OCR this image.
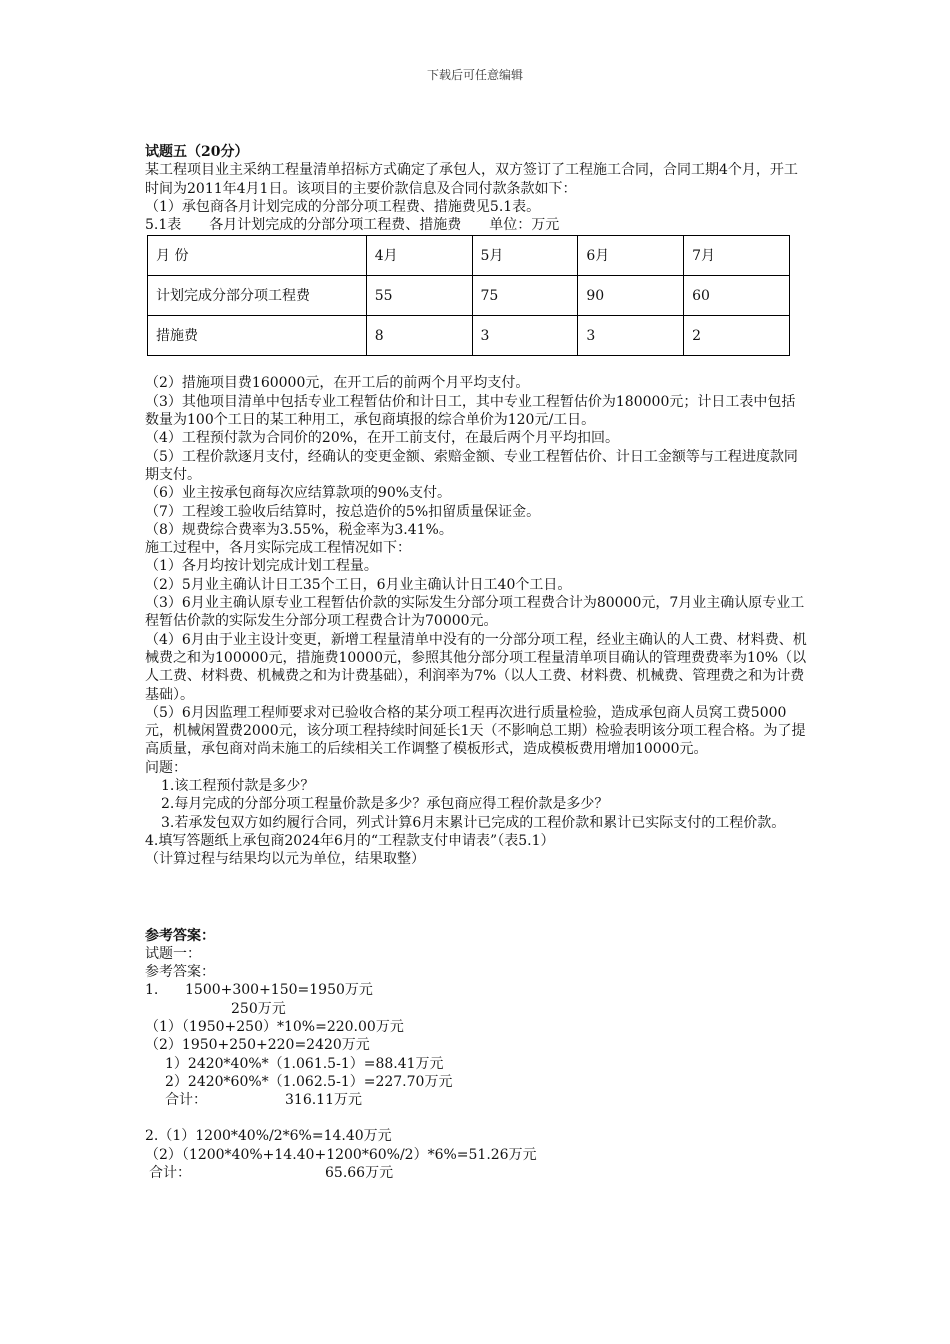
下载后可任意编辑

试题五（20分）

某工程项目业主采纳工程量清单招标方式确定了承包人，双方签订了工程施工合同，合同工期4个月，开工时间为2011年4月1日。该项目的主要价款信息及合同付款条款如下：

（1）承包商各月计划完成的分部分项工程费、措施费见5.1表。

5.1表　　各月计划完成的分部分项工程费、措施费　　单位：万元

月 份	4月	5月	6月	7月
计划完成分部分项工程费	55	75	90	60
措施费	8	3	3	2

（2）措施项目费160000元，在开工后的前两个月平均支付。

（3）其他项目清单中包括专业工程暂估价和计日工，其中专业工程暂估价为180000元；计日工表中包括数量为100个工日的某工种用工，承包商填报的综合单价为120元/工日。

（4）工程预付款为合同价的20%，在开工前支付，在最后两个月平均扣回。

（5）工程价款逐月支付，经确认的变更金额、索赔金额、专业工程暂估价、计日工金额等与工程进度款同期支付。

（6）业主按承包商每次应结算款项的90%支付。

（7）工程竣工验收后结算时，按总造价的5%扣留质量保证金。

（8）规费综合费率为3.55%，税金率为3.41%。

施工过程中，各月实际完成工程情况如下：

（1）各月均按计划完成计划工程量。

（2）5月业主确认计日工35个工日，6月业主确认计日工40个工日。

（3）6月业主确认原专业工程暂估价款的实际发生分部分项工程费合计为80000元，7月业主确认原专业工程暂估价款的实际发生分部分项工程费合计为70000元。

（4）6月由于业主设计变更，新增工程量清单中没有的一分部分项工程，经业主确认的人工费、材料费、机械费之和为100000元，措施费10000元，参照其他分部分项工程量清单项目确认的管理费费率为10%（以人工费、材料费、机械费之和为计费基础），利润率为7%（以人工费、材料费、机械费、管理费之和为计费基础）。

（5）6月因监理工程师要求对已验收合格的某分项工程再次进行质量检验，造成承包商人员窝工费5000元，机械闲置费2000元，该分项工程持续时间延长1天（不影响总工期）检验表明该分项工程合格。为了提高质量，承包商对尚未施工的后续相关工作调整了模板形式，造成模板费用增加10000元。

问题：

1.该工程预付款是多少？

2.每月完成的分部分项工程量价款是多少？承包商应得工程价款是多少？

3.若承发包双方如约履行合同，列式计算6月末累计已完成的工程价款和累计已实际支付的工程价款。

4.填写答题纸上承包商2024年6月的“工程款支付申请表”（表5.1）

（计算过程与结果均以元为单位，结果取整）

参考答案：

试题一：

参考答案：

1. 1500+300+150=1950万元

250万元

（1）（1950+250）*10%=220.00万元

（2）1950+250+220=2420万元

1）2420*40%*（1.061.5-1）=88.41万元

2）2420*60%*（1.062.5-1）=227.70万元

合计：	316.11万元

2.（1）1200*40%/2*6%=14.40万元

（2）（1200*40%+14.40+1200*60%/2）*6%=51.26万元

合计：	65.66万元
